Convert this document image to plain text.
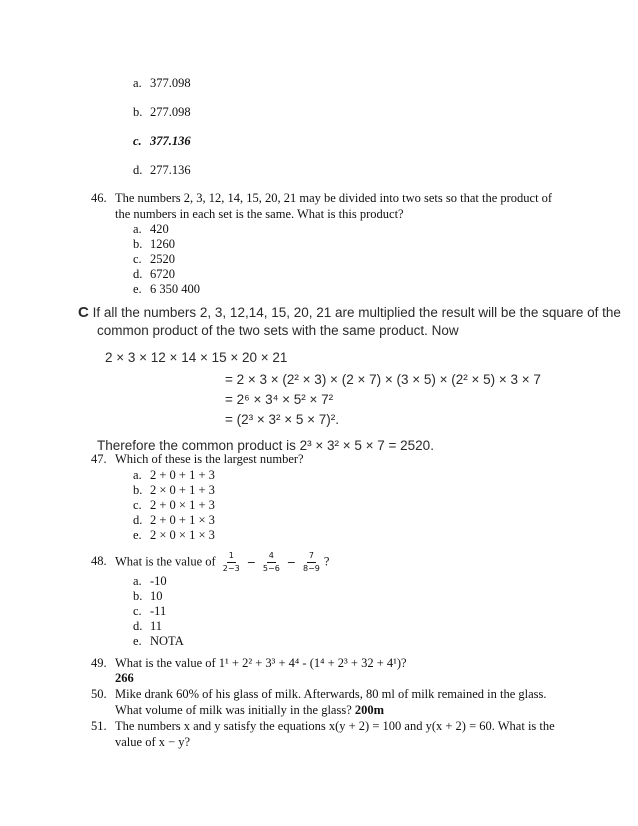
a. 377.098
b. 277.098
c. 377.136
d. 277.136
46. The numbers 2, 3, 12, 14, 15, 20, 21 may be divided into two sets so that the product of
the numbers in each set is the same. What is this product?
a. 420
b. 1260
c. 2520
d. 6720
e. 6 350 400
C If all the numbers 2, 3, 12,14, 15, 20, 21 are multiplied the result will be the square of the
common product of the two sets with the same product. Now
2 × 3 × 12 × 14 × 15 × 20 × 21
= 2 × 3 × (2² × 3) × (2 × 7) × (3 × 5) × (2² × 5) × 3 × 7
= 2⁶ × 3⁴ × 5² × 7²
= (2³ × 3² × 5 × 7)².
Therefore the common product is 2³ × 3² × 5 × 7 = 2520.
47. Which of these is the largest number?
a. 2 + 0 + 1 + 3
b. 2 × 0 + 1 + 3
c. 2 + 0 × 1 + 3
d. 2 + 0 + 1 × 3
e. 2 × 0 × 1 × 3
48. What is the value of $\frac{1}{2-3} - \frac{4}{5-6} - \frac{7}{8-9}$ ?
a. -10
b. 10
c. -11
d. 11
e. NOTA
49. What is the value of 1¹ + 2² + 3³ + 4⁴ - (1⁴ + 2³ + 32 + 4¹)?
266
50. Mike drank 60% of his glass of milk. Afterwards, 80 ml of milk remained in the glass.
What volume of milk was initially in the glass? 200m
51. The numbers x and y satisfy the equations x(y + 2) = 100 and y(x + 2) = 60. What is the
value of x − y?
